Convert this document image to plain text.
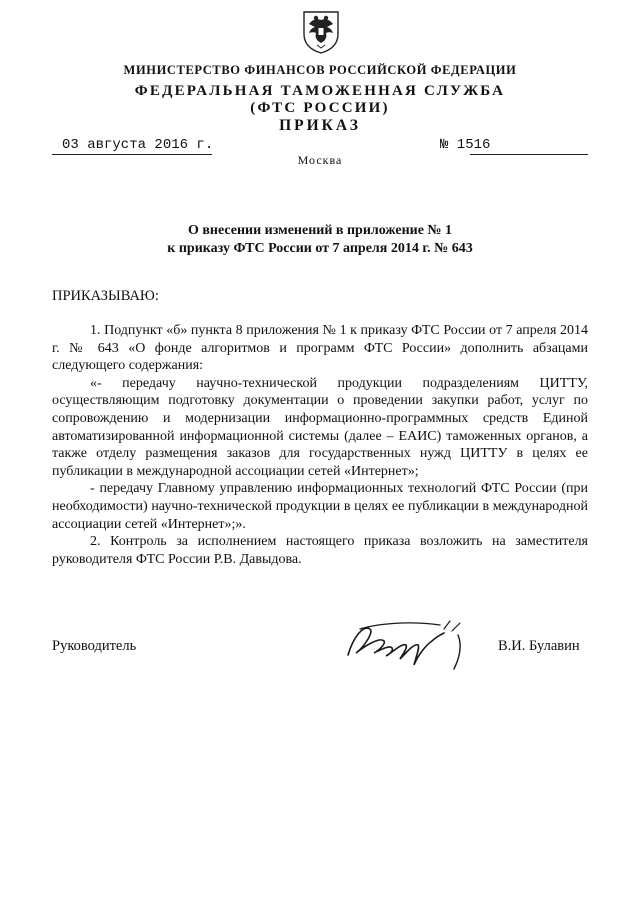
МИНИСТЕРСТВО ФИНАНСОВ РОССИЙСКОЙ ФЕДЕРАЦИИ
ФЕДЕРАЛЬНАЯ ТАМОЖЕННАЯ СЛУЖБА
(ФТС РОССИИ)
ПРИКАЗ
03 августа 2016 г.	№ 1516
Москва
О внесении изменений в приложение № 1
к приказу ФТС России от 7 апреля 2014 г. № 643
ПРИКАЗЫВАЮ:

1. Подпункт «б» пункта 8 приложения № 1 к приказу ФТС России от 7 апреля 2014 г. № 643 «О фонде алгоритмов и программ ФТС России» дополнить абзацами следующего содержания:

«- передачу научно-технической продукции подразделениям ЦИТТУ, осуществляющим подготовку документации о проведении закупки работ, услуг по сопровождению и модернизации информационно-программных средств Единой автоматизированной информационной системы (далее – ЕАИС) таможенных органов, а также отделу размещения заказов для государственных нужд ЦИТТУ в целях ее публикации в международной ассоциации сетей «Интернет»;

- передачу Главному управлению информационных технологий ФТС России (при необходимости) научно-технической продукции в целях ее публикации в международной ассоциации сетей «Интернет»;».

2. Контроль за исполнением настоящего приказа возложить на заместителя руководителя ФТС России Р.В. Давыдова.

Руководитель	В.И. Булавин
